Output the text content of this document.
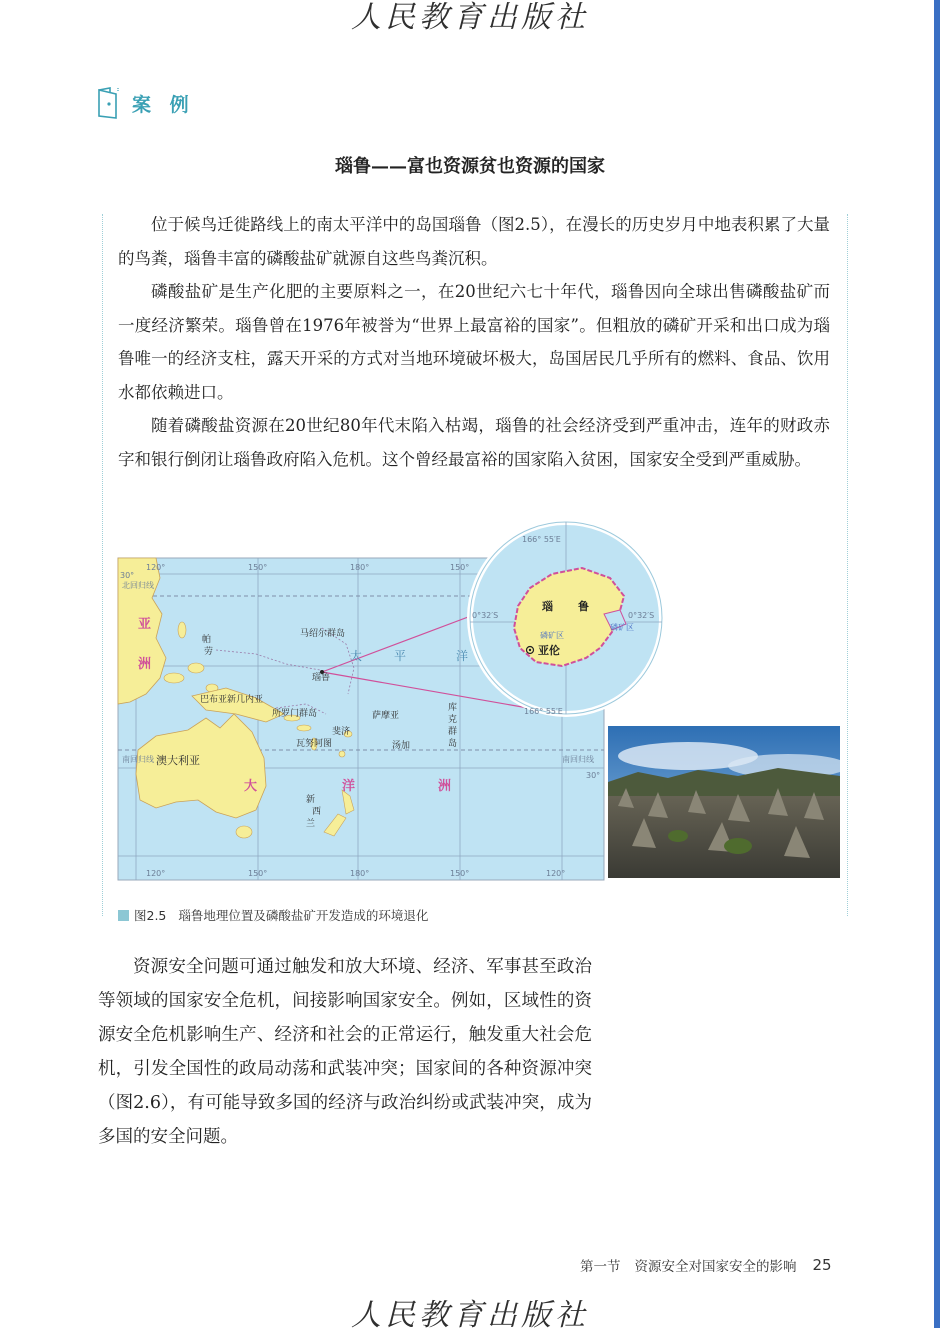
人民教育出版社
案 例
瑙鲁——富也资源贫也资源的国家

位于候鸟迁徙路线上的南太平洋中的岛国瑙鲁（图2.5），在漫长的历史岁月中地表积累了大量的鸟粪，瑙鲁丰富的磷酸盐矿就源自这些鸟粪沉积。

磷酸盐矿是生产化肥的主要原料之一，在20世纪六七十年代，瑙鲁因向全球出售磷酸盐矿而一度经济繁荣。瑙鲁曾在1976年被誉为“世界上最富裕的国家”。但粗放的磷矿开采和出口成为瑙鲁唯一的经济支柱，露天开采的方式对当地环境破坏极大，岛国居民几乎所有的燃料、食品、饮用水都依赖进口。

随着磷酸盐资源在20世纪80年代末陷入枯竭，瑙鲁的社会经济受到严重冲击，连年的财政赤字和银行倒闭让瑙鲁政府陷入危机。这个曾经最富裕的国家陷入贫困，国家安全受到严重威胁。

166° 55′E
166° 55′E
0°32′S	0°32′S
北回归线
南回归线	南回归线
120°	150°	180°	150°
30°
30°
120°	150°	180°	150°	120°
亚
洲
大	洋	洲
太	平	洋
澳大利亚
瑙鲁
帕
劳
马绍尔群岛
巴布亚新几内亚
所罗门群岛
瓦努阿图
萨摩亚
斐济
汤加
库
克
群
岛
新
西
兰
磷矿区
磷矿区
瑙 鲁
亚伦
图2.5 瑙鲁地理位置及磷酸盐矿开发造成的环境退化

资源安全问题可通过触发和放大环境、经济、军事甚至政治等领域的国家安全危机，间接影响国家安全。例如，区域性的资源安全危机影响生产、经济和社会的正常运行，触发重大社会危机，引发全国性的政局动荡和武装冲突；国家间的各种资源冲突（图2.6），有可能导致多国的经济与政治纠纷或武装冲突，成为多国的安全问题。

第一节 资源安全对国家安全的影响 25
人民教育出版社
